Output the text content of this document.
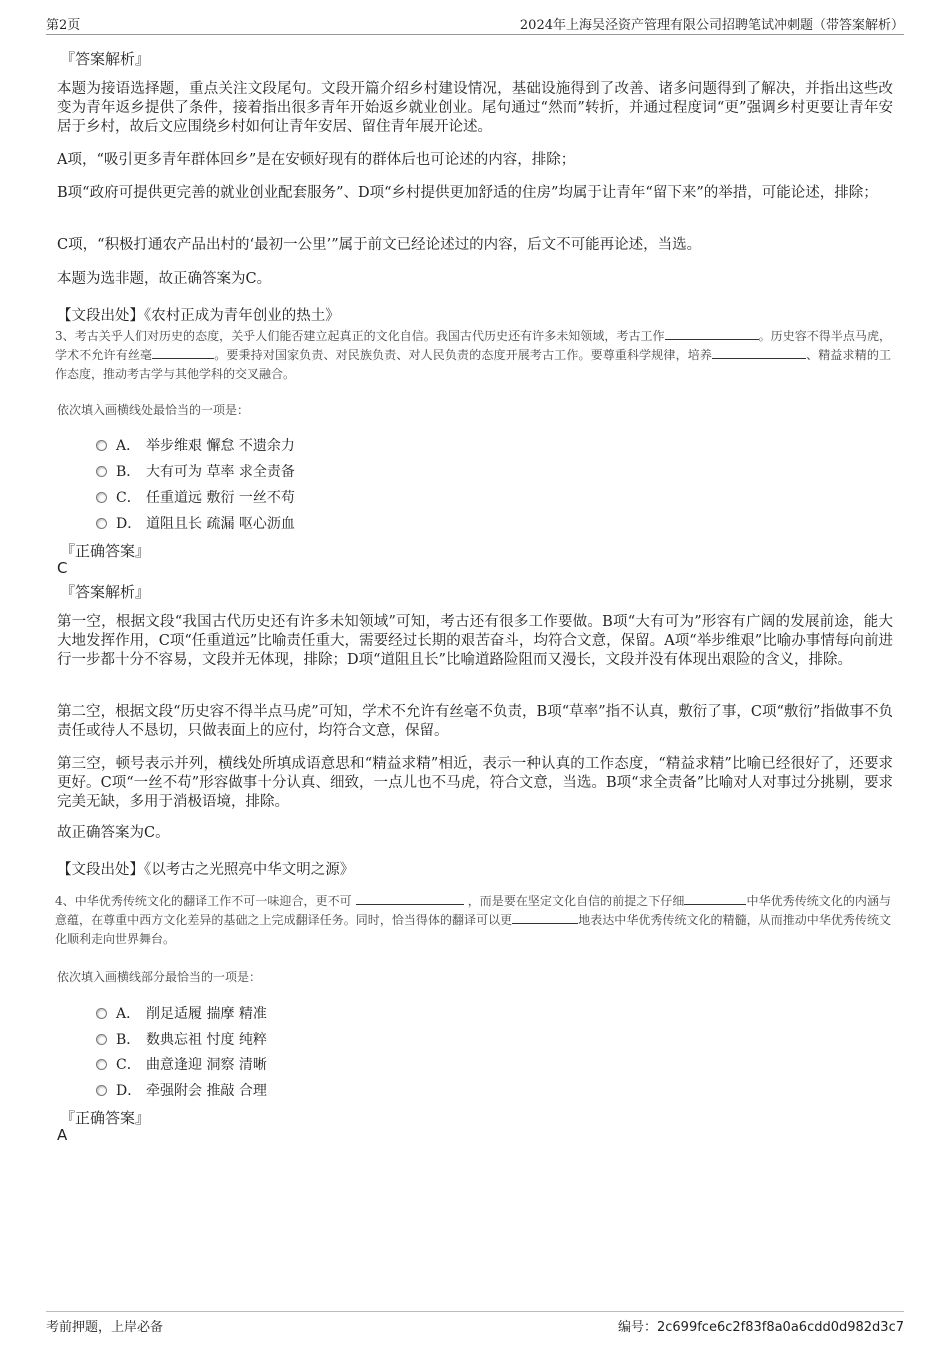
第2页	2024年上海吴泾资产管理有限公司招聘笔试冲刺题（带答案解析）
『答案解析』
本题为接语选择题，重点关注文段尾句。文段开篇介绍乡村建设情况，基础设施得到了改善、诸多问题得到了解决，并指出这些改变为青年返乡提供了条件，接着指出很多青年开始返乡就业创业。尾句通过“然而”转折，并通过程度词“更”强调乡村更要让青年安居于乡村，故后文应围绕乡村如何让青年安居、留住青年展开论述。
A项，“吸引更多青年群体回乡”是在安顿好现有的群体后也可论述的内容，排除；
B项“政府可提供更完善的就业创业配套服务”、D项“乡村提供更加舒适的住房”均属于让青年“留下来”的举措，可能论述，排除；
C项，“积极打通农产品出村的‘最初一公里’”属于前文已经论述过的内容，后文不可能再论述，当选。
本题为选非题，故正确答案为C。
【文段出处】《农村正成为青年创业的热土》
3、考古关乎人们对历史的态度，关乎人们能否建立起真正的文化自信。我国古代历史还有许多未知领域，考古工作	。历史容不得半点马虎，学术不允许有丝毫	。要秉持对国家负责、对民族负责、对人民负责的态度开展考古工作。要尊重科学规律，培养	、精益求精的工作态度，推动考古学与其他学科的交叉融合。
依次填入画横线处最恰当的一项是：
A． 举步维艰 懈怠 不遗余力
B． 大有可为 草率 求全责备
C． 任重道远 敷衍 一丝不苟
D． 道阻且长 疏漏 呕心沥血
『正确答案』
C
『答案解析』
第一空，根据文段“我国古代历史还有许多未知领域”可知，考古还有很多工作要做。B项“大有可为”形容有广阔的发展前途，能大大地发挥作用，C项“任重道远”比喻责任重大，需要经过长期的艰苦奋斗，均符合文意，保留。A项“举步维艰”比喻办事情每向前进行一步都十分不容易，文段并无体现，排除；D项“道阻且长”比喻道路险阻而又漫长，文段并没有体现出艰险的含义，排除。
第二空，根据文段“历史容不得半点马虎”可知，学术不允许有丝毫不负责，B项“草率”指不认真，敷衍了事，C项“敷衍”指做事不负责任或待人不恳切，只做表面上的应付，均符合文意，保留。
第三空，顿号表示并列，横线处所填成语意思和“精益求精”相近，表示一种认真的工作态度，“精益求精”比喻已经很好了，还要求更好。C项“一丝不苟”形容做事十分认真、细致，一点儿也不马虎，符合文意，当选。B项“求全责备”比喻对人对事过分挑剔，要求完美无缺，多用于消极语境，排除。
故正确答案为C。
【文段出处】《以考古之光照亮中华文明之源》
4、中华优秀传统文化的翻译工作不可一味迎合，更不可	，而是要在坚定文化自信的前提之下仔细	中华优秀传统文化的内涵与意蕴，在尊重中西方文化差异的基础之上完成翻译任务。同时，恰当得体的翻译可以更	地表达中华优秀传统文化的精髓，从而推动中华优秀传统文化顺利走向世界舞台。
依次填入画横线部分最恰当的一项是：
A． 削足适履 揣摩 精准
B． 数典忘祖 忖度 纯粹
C． 曲意逢迎 洞察 清晰
D． 牵强附会 推敲 合理
『正确答案』
A
考前押题，上岸必备	编号：2c699fce6c2f83f8a0a6cdd0d982d3c7
